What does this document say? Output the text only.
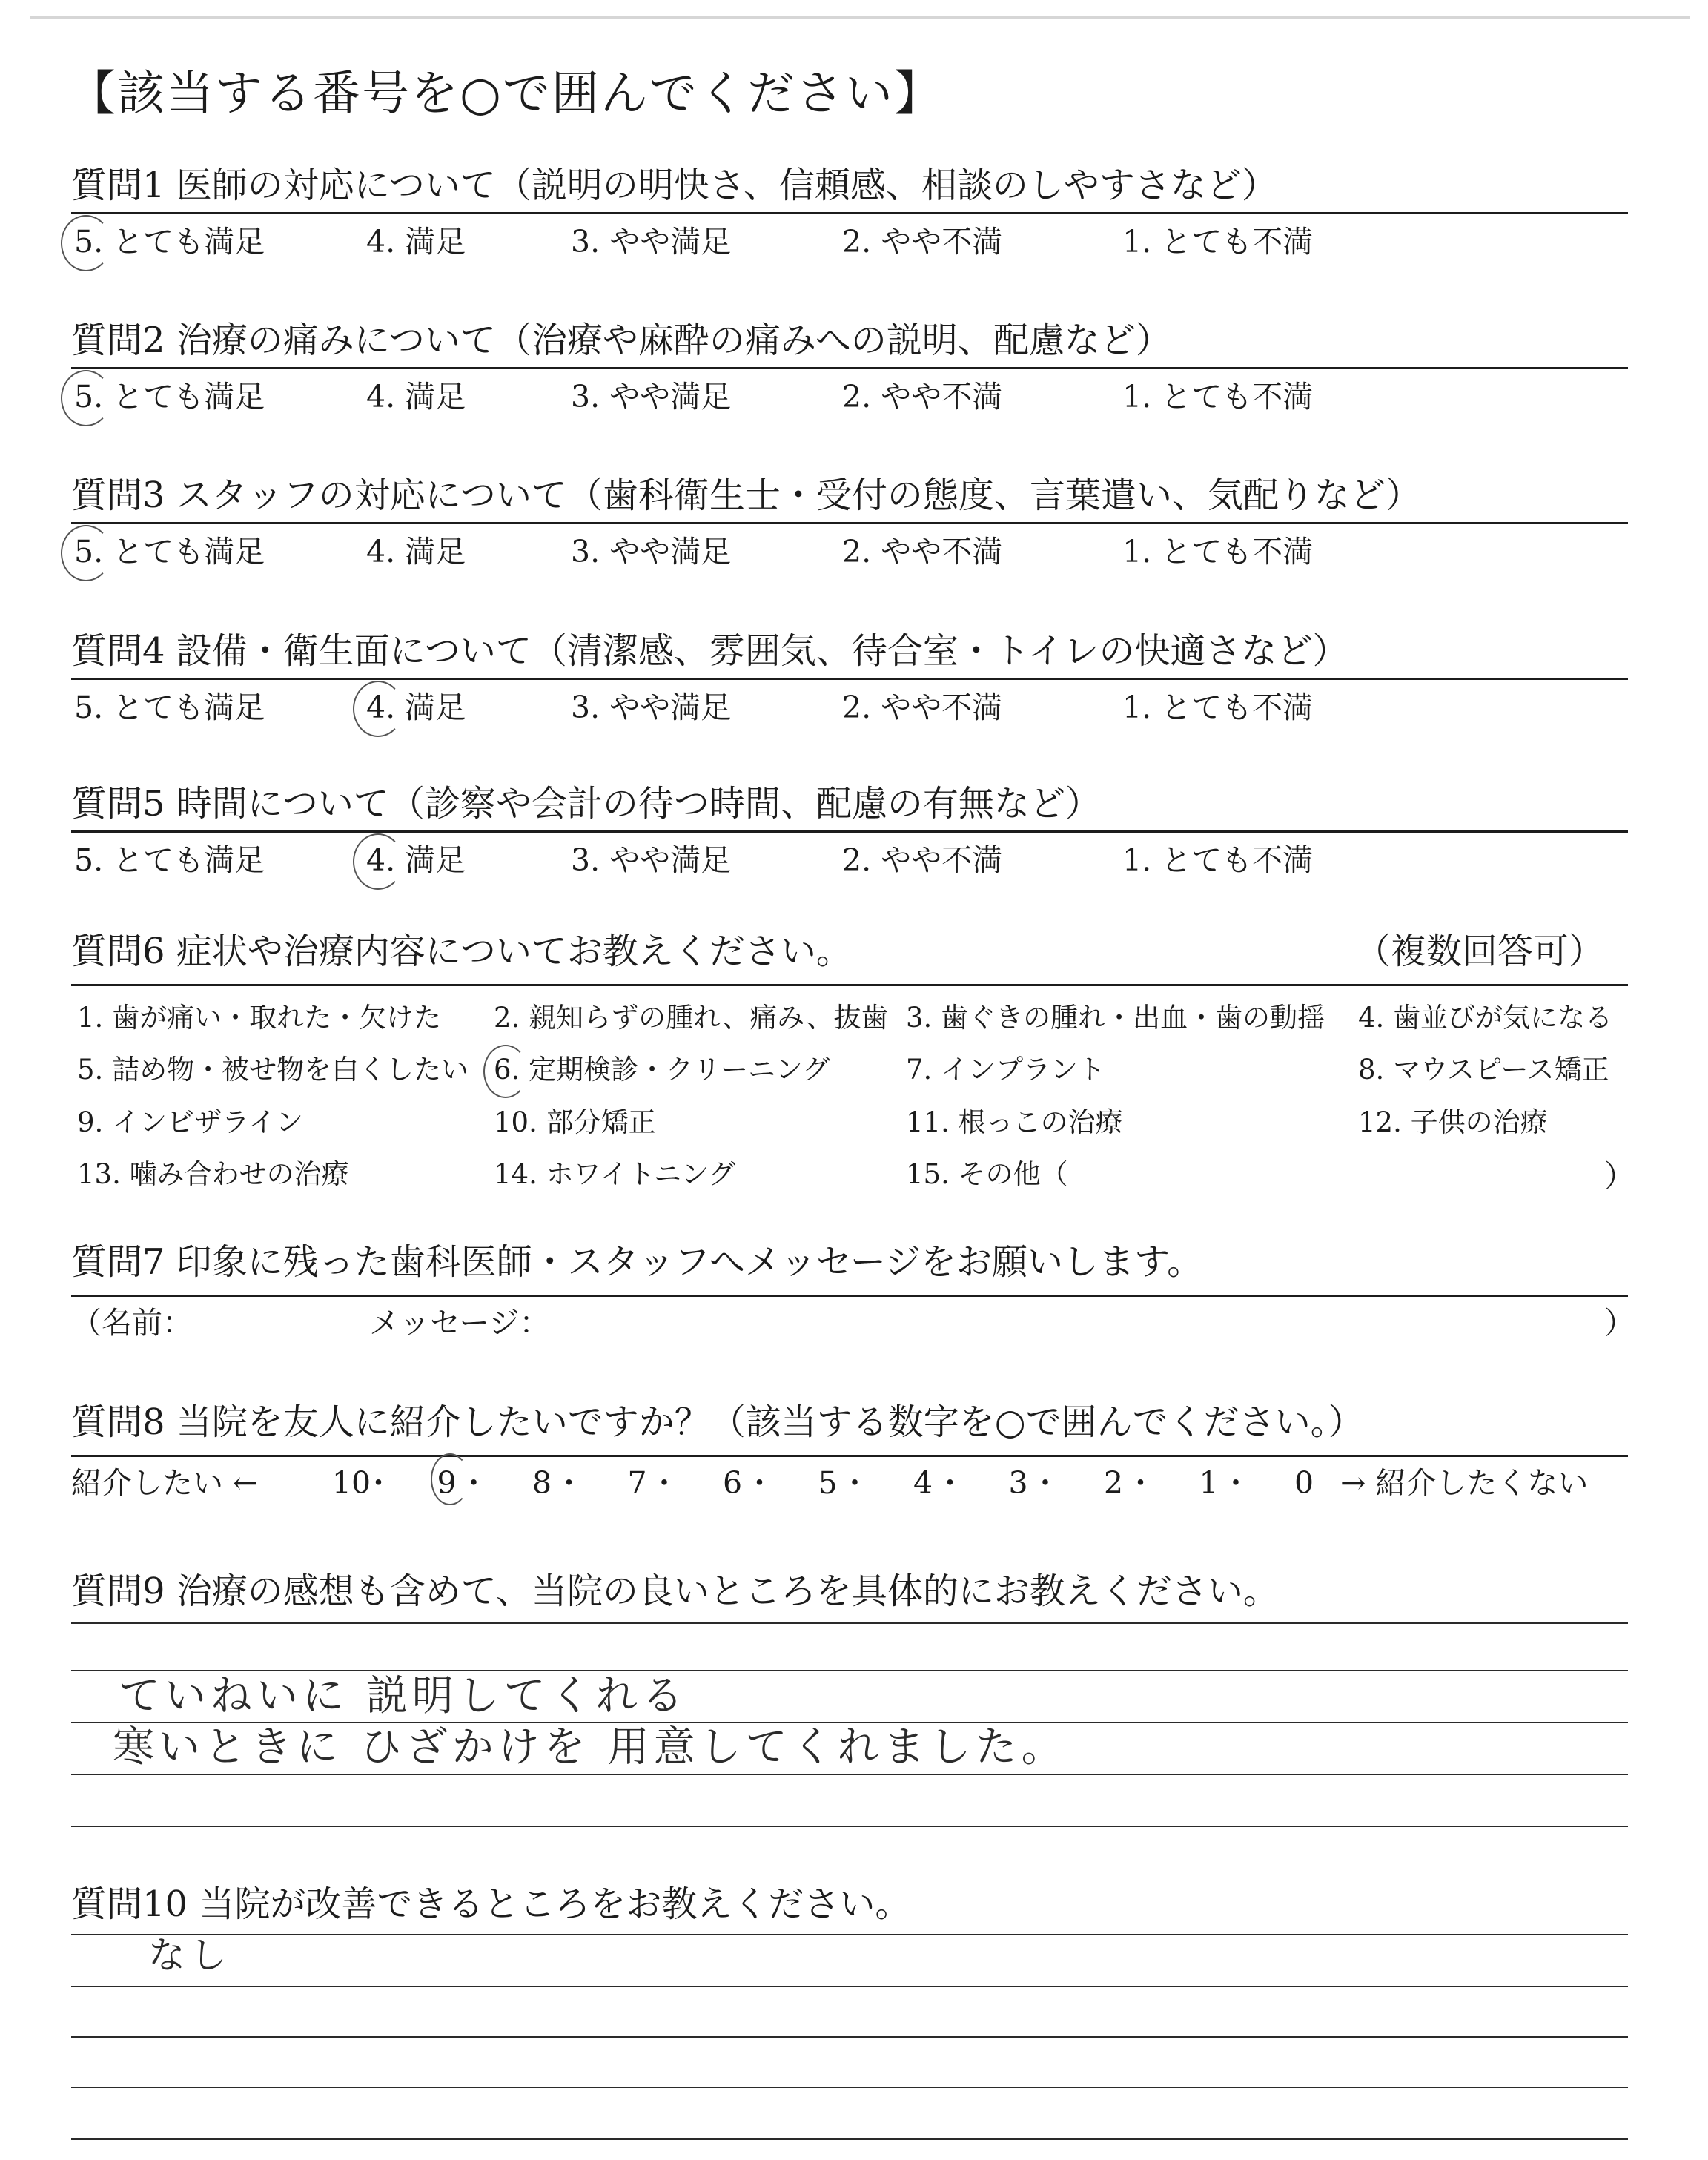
【該当する番号を○で囲んでください】
質問1 医師の対応について（説明の明快さ、信頼感、相談のしやすさなど）
5. とても満足	4. 満足	3. やや満足	2. やや不満	1. とても不満
質問2 治療の痛みについて（治療や麻酔の痛みへの説明、配慮など）
5. とても満足	4. 満足	3. やや満足	2. やや不満	1. とても不満
質問3 スタッフの対応について（歯科衛生士・受付の態度、言葉遣い、気配りなど）
5. とても満足	4. 満足	3. やや満足	2. やや不満	1. とても不満
質問4 設備・衛生面について（清潔感、雰囲気、待合室・トイレの快適さなど）
5. とても満足	4. 満足	3. やや満足	2. やや不満	1. とても不満
質問5 時間について（診察や会計の待つ時間、配慮の有無など）
5. とても満足	4. 満足	3. やや満足	2. やや不満	1. とても不満
質問6 症状や治療内容についてお教えください。	（複数回答可）
1. 歯が痛い・取れた・欠けた 2. 親知らずの腫れ、痛み、抜歯 3. 歯ぐきの腫れ・出血・歯の動揺 4. 歯並びが気になる
5. 詰め物・被せ物を白くしたい 6. 定期検診・クリーニング	7. インプラント	8. マウスピース矯正
9. インビザライン	10. 部分矯正	11. 根っこの治療	12. 子供の治療
13. 噛み合わせの治療	14. ホワイトニング	15. その他（	）
質問7 印象に残った歯科医師・スタッフへメッセージをお願いします。
（名前：	メッセージ：	）
質問8 当院を友人に紹介したいですか？（該当する数字を○で囲んでください。）
紹介したい ←	→ 紹介したくない
10
・	9 ・	8 ・	7 ・	6 ・	5 ・	4 ・	3 ・	2 ・	1 ・	0
質問9 治療の感想も含めて、当院の良いところを具体的にお教えください。
ていねいに 説明してくれる
寒いときに ひざかけを 用意してくれました。
質問10 当院が改善できるところをお教えください。
なし
